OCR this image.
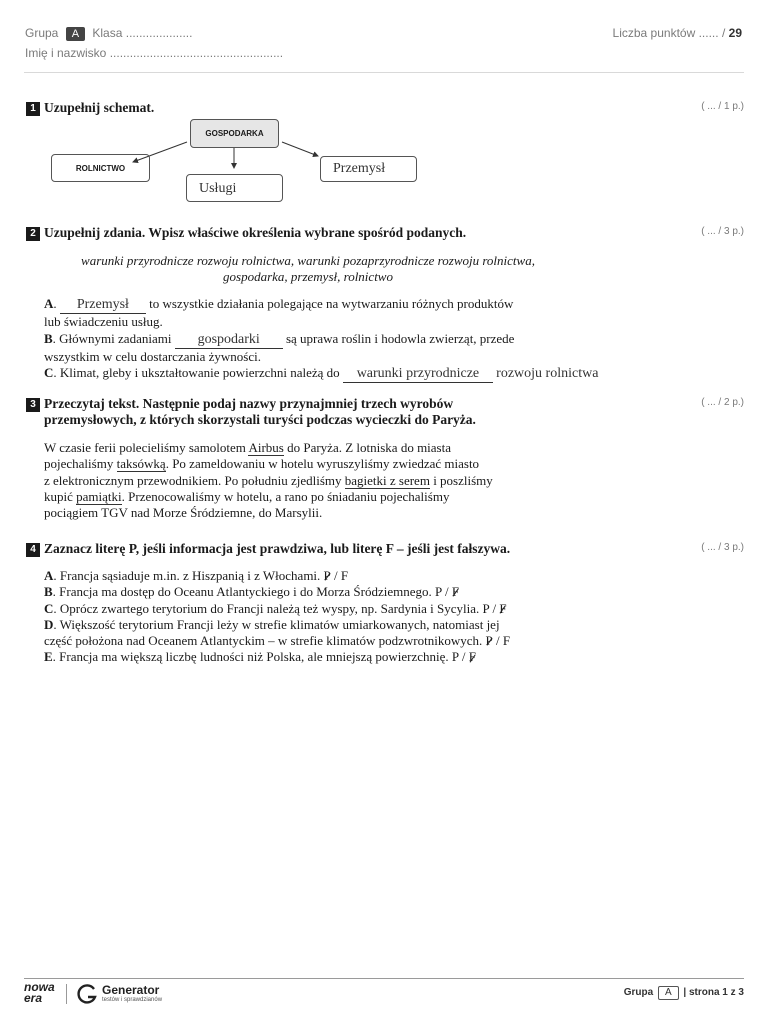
Grupa A Klasa ....................
Imię i nazwisko ....................................................
Liczba punktów ...... / 29
1 Uzupełnij schemat.	( ... / 1 p.)
GOSPODARKA
ROLNICTWO
Usługi
Przemysł
2 Uzupełnij zdania. Wpisz właściwe określenia wybrane spośród podanych.	( ... / 3 p.)
warunki przyrodnicze rozwoju rolnictwa, warunki pozaprzyrodnicze rozwoju rolnictwa,
gospodarka, przemysł, rolnictwo
A. Przemysł to wszystkie działania polegające na wytwarzaniu różnych produktów
lub świadczeniu usług.
B. Głównymi zadaniami gospodarki są uprawa roślin i hodowla zwierząt, przede
wszystkim w celu dostarczania żywności.
C. Klimat, gleby i ukształtowanie powierzchni należą do warunki przyrodnicze rozwoju rolnictwa
3 Przeczytaj tekst. Następnie podaj nazwy przynajmniej trzech wyrobów
przemysłowych, z których skorzystali turyści podczas wycieczki do Paryża.
( ... / 2 p.)
W czasie ferii polecieliśmy samolotem Airbus do Paryża. Z lotniska do miasta
pojechaliśmy taksówką. Po zameldowaniu w hotelu wyruszyliśmy zwiedzać miasto
z elektronicznym przewodnikiem. Po południu zjedliśmy bagietki z serem i poszliśmy
kupić pamiątki. Przenocowaliśmy w hotelu, a rano po śniadaniu pojechaliśmy
pociągiem TGV nad Morze Śródziemne, do Marsylii.
4 Zaznacz literę P, jeśli informacja jest prawdziwa, lub literę F – jeśli jest fałszywa.	( ... / 3 p.)
A. Francja sąsiaduje m.in. z Hiszpanią i z Włochami. P / F
B. Francja ma dostęp do Oceanu Atlantyckiego i do Morza Śródziemnego. P / F
C. Oprócz zwartego terytorium do Francji należą też wyspy, np. Sardynia i Sycylia. P / F
D. Większość terytorium Francji leży w strefie klimatów umiarkowanych, natomiast jej
część położona nad Oceanem Atlantyckim – w strefie klimatów podzwrotnikowych. P / F
E. Francja ma większą liczbę ludności niż Polska, ale mniejszą powierzchnię. P / F
nowa
era
Generator
testów i sprawdzianów
Grupa A | strona 1 z 3
